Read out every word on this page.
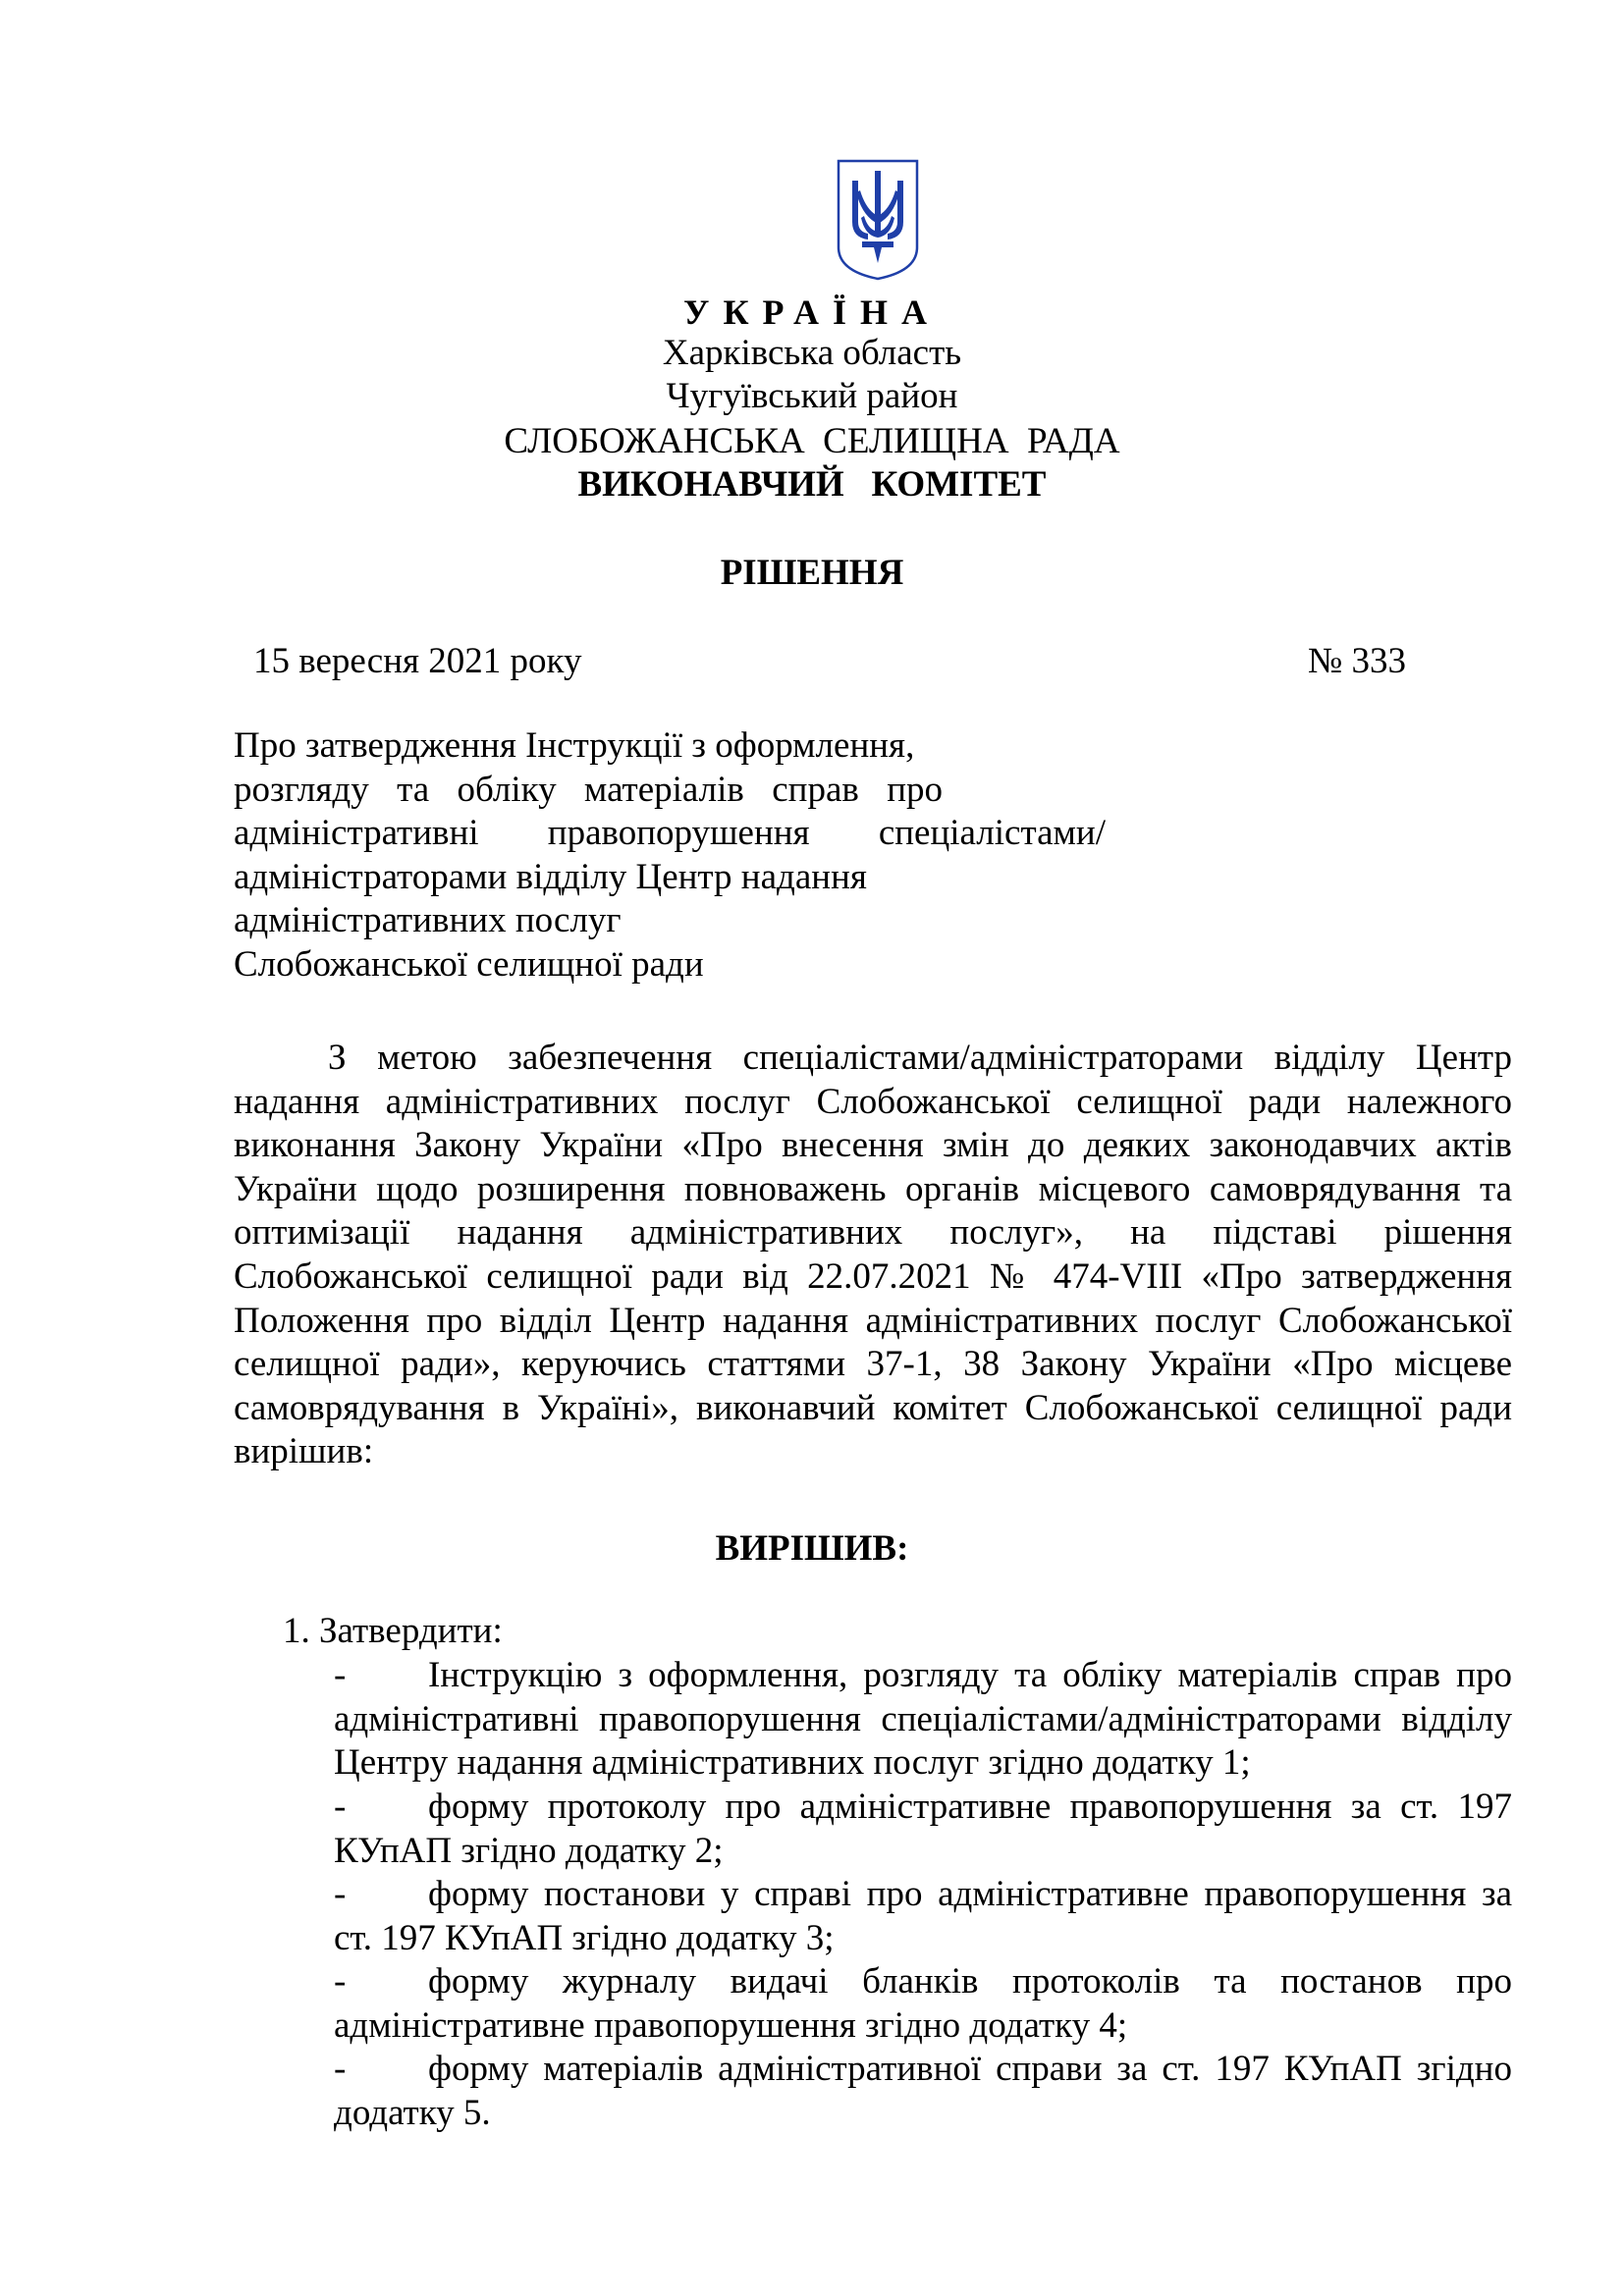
УКРАЇНА
Харківська область
Чугуївський район
СЛОБОЖАНСЬКА  СЕЛИЩНА  РАДА
ВИКОНАВЧИЙ   КОМІТЕТ
РІШЕННЯ
15 вересня 2021 року	№ 333
Про затвердження Інструкції з оформлення,
розгляду та обліку матеріалів справ про
адміністративні правопорушення спеціалістами/
адміністраторами відділу Центр надання
адміністративних послуг
Слобожанської селищної ради

З метою забезпечення спеціалістами/адміністраторами відділу Центр надання адміністративних послуг Слобожанської селищної ради належного виконання Закону України «Про внесення змін до деяких законодавчих актів України щодо розширення повноважень органів місцевого самоврядування та оптимізації надання адміністративних послуг», на підставі рішення Слобожанської селищної ради від 22.07.2021 № 474-VIII «Про затвердження Положення про відділ Центр надання адміністративних послуг Слобожанської селищної ради», керуючись статтями 37-1, 38 Закону України «Про місцеве самоврядування в Україні», виконавчий комітет Слобожанської селищної ради вирішив:

ВИРІШИВ:
1. Затвердити:
-	Інструкцію з оформлення, розгляду та обліку матеріалів справ про адміністративні правопорушення спеціалістами/адміністраторами відділу Центру надання адміністративних послуг згідно додатку 1;

-	форму протоколу про адміністративне правопорушення за ст. 197 КУпАП згідно додатку 2;

-	форму постанови у справі про адміністративне правопорушення за ст. 197 КУпАП згідно додатку 3;

-	форму журналу видачі бланків протоколів та постанов про адміністративне правопорушення згідно додатку 4;

-	форму матеріалів адміністративної справи за ст. 197 КУпАП згідно додатку 5.
